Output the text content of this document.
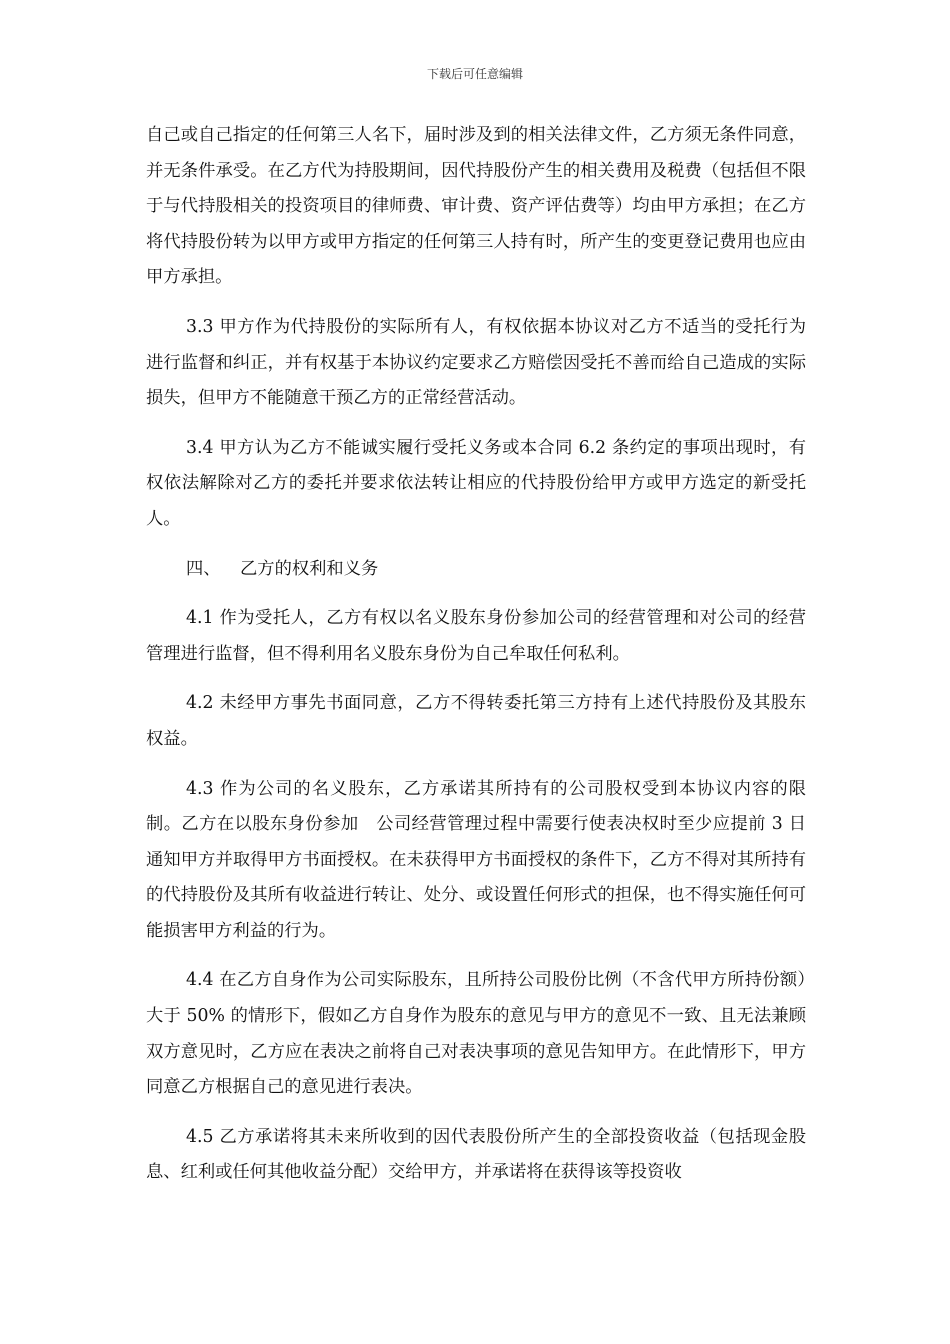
下载后可任意编辑

自己或自己指定的任何第三人名下，届时涉及到的相关法律文件，乙方须无条件同意，并无条件承受。在乙方代为持股期间，因代持股份产生的相关费用及税费（包括但不限于与代持股相关的投资项目的律师费、审计费、资产评估费等）均由甲方承担；在乙方将代持股份转为以甲方或甲方指定的任何第三人持有时，所产生的变更登记费用也应由甲方承担。

3.3 甲方作为代持股份的实际所有人，有权依据本协议对乙方不适当的受托行为进行监督和纠正，并有权基于本协议约定要求乙方赔偿因受托不善而给自己造成的实际损失，但甲方不能随意干预乙方的正常经营活动。

3.4 甲方认为乙方不能诚实履行受托义务或本合同 6.2 条约定的事项出现时，有权依法解除对乙方的委托并要求依法转让相应的代持股份给甲方或甲方选定的新受托人。

四、 乙方的权利和义务

4.1 作为受托人，乙方有权以名义股东身份参加公司的经营管理和对公司的经营管理进行监督，但不得利用名义股东身份为自己牟取任何私利。

4.2 未经甲方事先书面同意，乙方不得转委托第三方持有上述代持股份及其股东权益。

4.3 作为公司的名义股东，乙方承诺其所持有的公司股权受到本协议内容的限制。乙方在以股东身份参加　公司经营管理过程中需要行使表决权时至少应提前 3 日通知甲方并取得甲方书面授权。在未获得甲方书面授权的条件下，乙方不得对其所持有的代持股份及其所有收益进行转让、处分、或设置任何形式的担保，也不得实施任何可能损害甲方利益的行为。

4.4 在乙方自身作为公司实际股东，且所持公司股份比例（不含代甲方所持份额）大于 50% 的情形下，假如乙方自身作为股东的意见与甲方的意见不一致、且无法兼顾双方意见时，乙方应在表决之前将自己对表决事项的意见告知甲方。在此情形下，甲方同意乙方根据自己的意见进行表决。

4.5 乙方承诺将其未来所收到的因代表股份所产生的全部投资收益（包括现金股息、红利或任何其他收益分配）交给甲方，并承诺将在获得该等投资收
